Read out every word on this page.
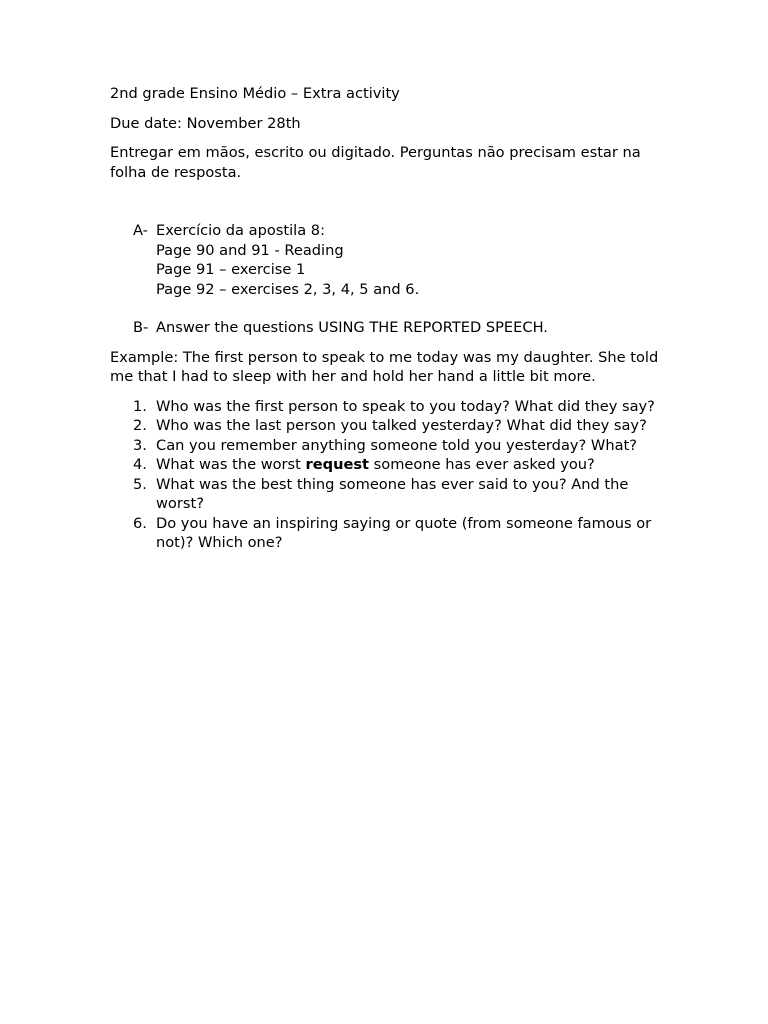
2nd grade Ensino Médio – Extra activity

Due date: November 28th

Entregar em mãos, escrito ou digitado. Perguntas não precisam estar na folha de resposta.

A- Exercício da apostila 8:

Page 90 and 91 - Reading

Page 91 – exercise 1

Page 92 – exercises 2, 3, 4, 5 and 6.

B- Answer the questions USING THE REPORTED SPEECH.

Example: The first person to speak to me today was my daughter. She told me that I had to sleep with her and hold her hand a little bit more.

1. Who was the first person to speak to you today? What did they say?
2. Who was the last person you talked yesterday? What did they say?
3. Can you remember anything someone told you yesterday? What?
4. What was the worst request someone has ever asked you?
5. What was the best thing someone has ever said to you? And the worst?
6. Do you have an inspiring saying or quote (from someone famous or not)? Which one?
